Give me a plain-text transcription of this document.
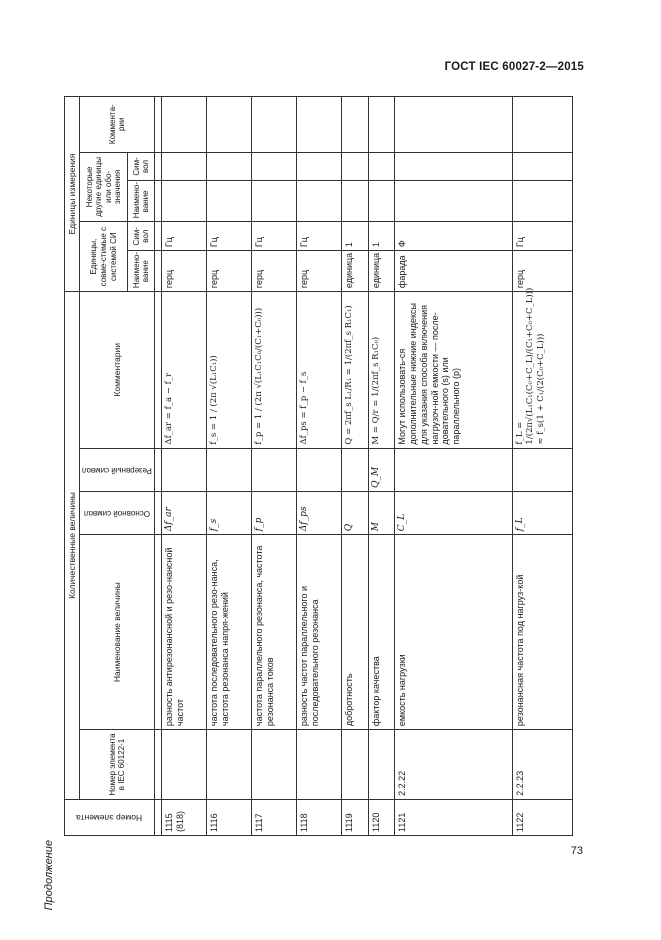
ГОСТ IEC 60027-2—2015
Продолжение
Номер элемента	Количественные величины					Единицы измерения				
	Номер элемента в IEC 60122-1	Наименование величины	Основной символ	Резервный символ	Комментарии	Единицы, совме-стимые с системой СИ		Некоторые другие единицы или обо-значения		Коммента-рии
						Наимено-вание	Сим-вол	Наимено-вание	Сим-вол	

1115 (818)		разность антирезонансной и резо-нансной частот	Δf_ar		Δf_ar = f_a − f_r	герц	Гц			
1116		частота последовательного резо-нанса, частота резонанса напря-жений	f_s		f_s = 1 / (2π √(L₁C₁))	герц	Гц			
1117		частота параллельного резонанса, частота резонанса токов	f_p		f_p = 1 / (2π √(L₁C₁C₀/(C₁+C₀)))	герц	Гц			
1118		разность частот параллельного и последовательного резонанса	Δf_ps		Δf_ps = f_p − f_s	герц	Гц			
1119		добротность	Q		Q = 2πf_s L₁/R₁ = 1/(2πf_s R₁C₁)	единица	1			
1120		фактор качества	M	Q_M	M = Q/r = 1/(2πf_s R₁C₀)	единица	1			
1121	2.2.22	емкость нагрузки	C_L		Могут использовать-ся дополнительные нижние индексы для указания способа включения нагрузоч-ной емкости — после-довательного (s) или параллельного (p)	фарада	Ф			
1122	2.2.23	резонансная частота под нагруз-кой	f_L		f_L = 1/(2π√(L₁C₁(C₀+C_L)/(C₁+C₀+C_L))) ≈ f_s(1 + C₁/(2(C₀+C_L)))	герц	Гц			
73
